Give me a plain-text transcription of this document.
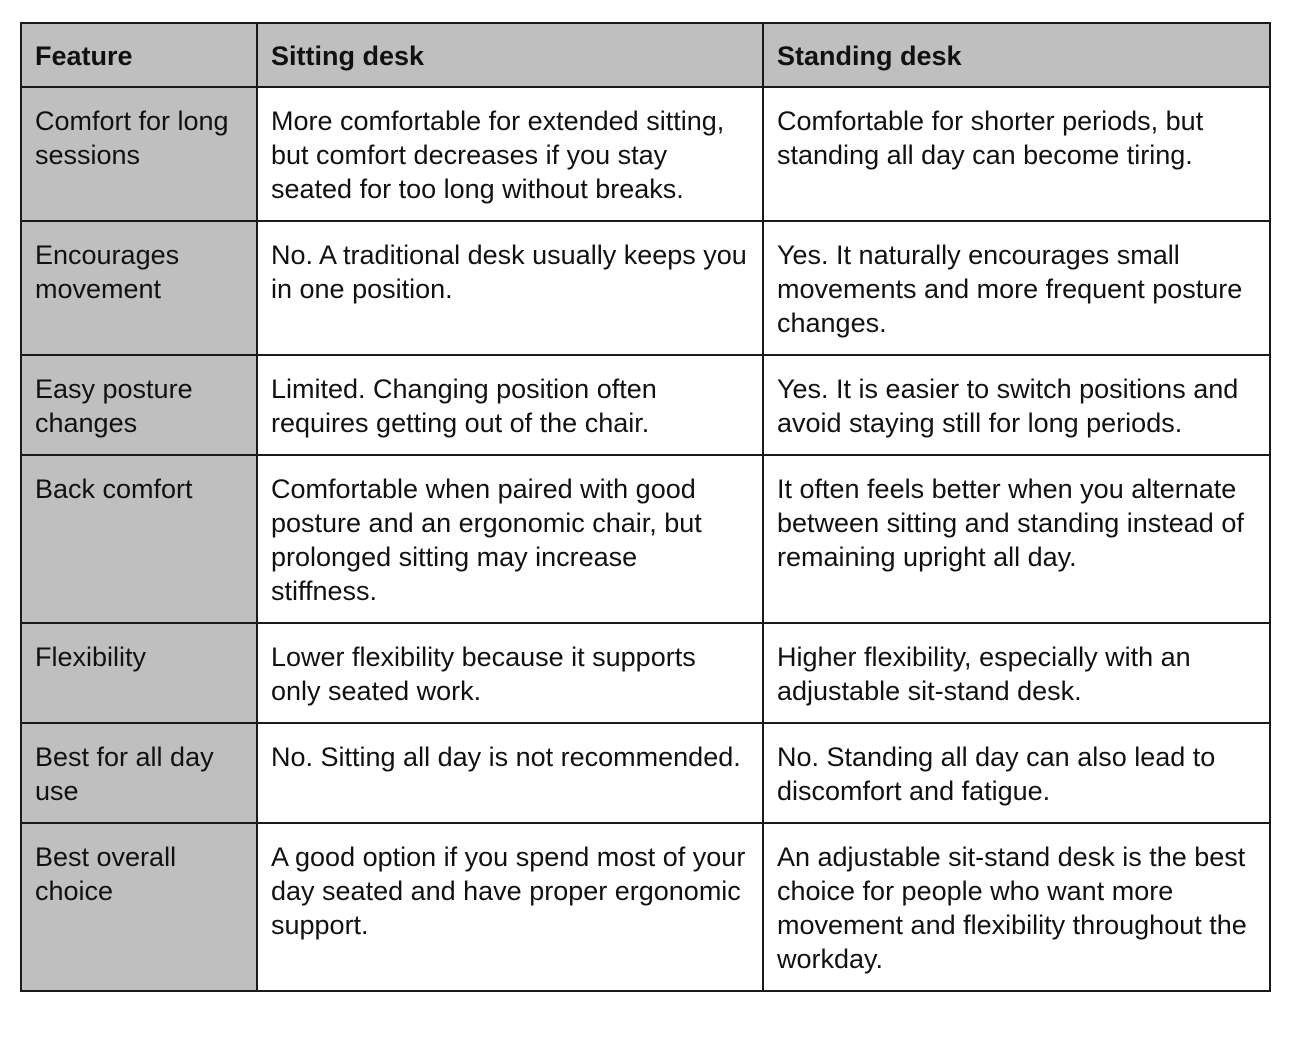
Feature	Sitting desk	Standing desk
Comfort for long sessions	More comfortable for extended sitting, but comfort decreases if you stay seated for too long without breaks.	Comfortable for shorter periods, but standing all day can become tiring.
Encourages movement	No. A traditional desk usually keeps you in one position.	Yes. It naturally encourages small movements and more frequent posture changes.
Easy posture changes	Limited. Changing position often requires getting out of the chair.	Yes. It is easier to switch positions and avoid staying still for long periods.
Back comfort	Comfortable when paired with good posture and an ergonomic chair, but prolonged sitting may increase stiffness.	It often feels better when you alternate between sitting and standing instead of remaining upright all day.
Flexibility	Lower flexibility because it supports only seated work.	Higher flexibility, especially with an adjustable sit-stand desk.
Best for all day use	No. Sitting all day is not recommended.	No. Standing all day can also lead to discomfort and fatigue.
Best overall choice	A good option if you spend most of your day seated and have proper ergonomic support.	An adjustable sit-stand desk is the best choice for people who want more movement and flexibility throughout the workday.
